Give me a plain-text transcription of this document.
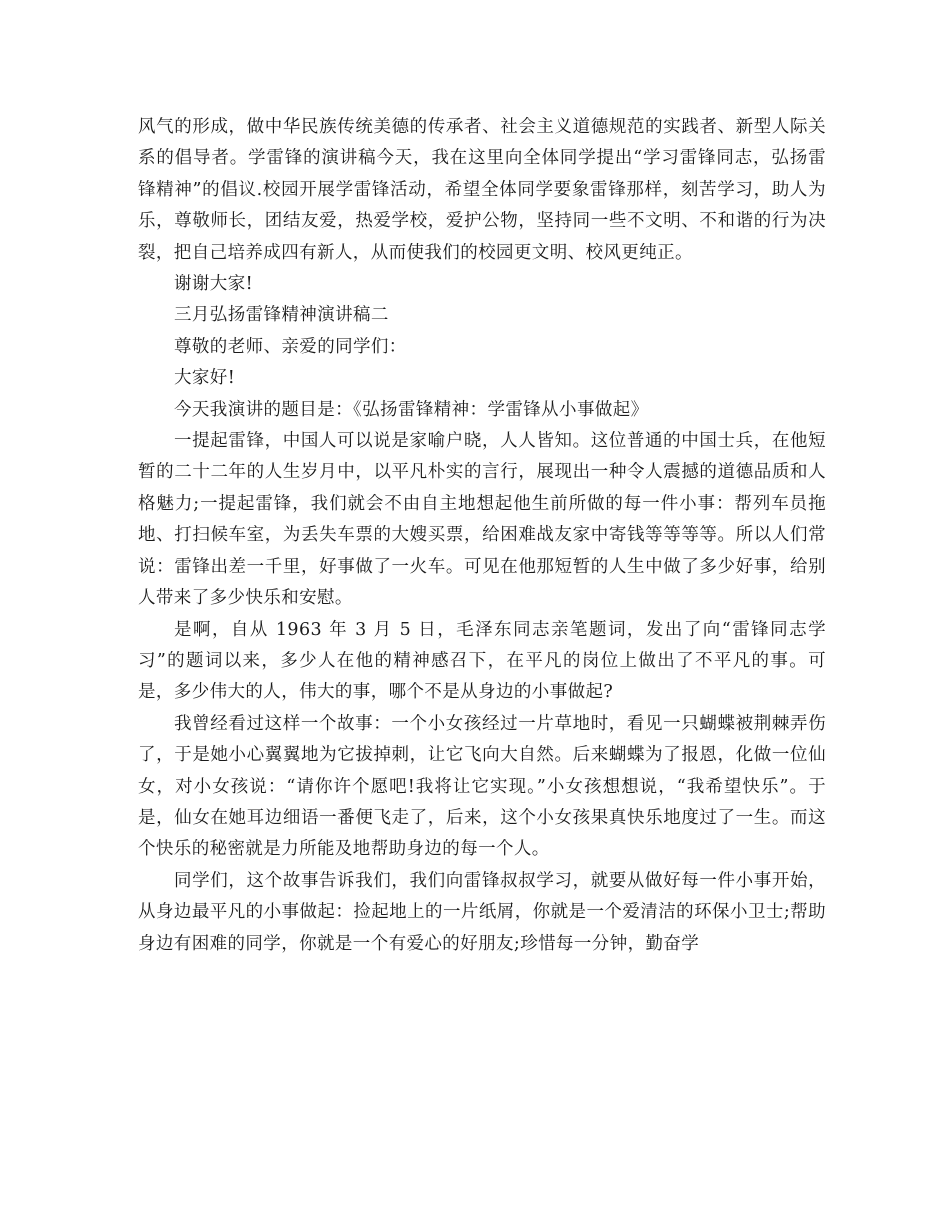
风气的形成，做中华民族传统美德的传承者、社会主义道德规范的实践者、新型人际关系的倡导者。学雷锋的演讲稿今天，我在这里向全体同学提出“学习雷锋同志，弘扬雷锋精神”的倡议.校园开展学雷锋活动，希望全体同学要象雷锋那样，刻苦学习，助人为乐，尊敬师长，团结友爱，热爱学校，爱护公物，坚持同一些不文明、不和谐的行为决裂，把自己培养成四有新人，从而使我们的校园更文明、校风更纯正。

谢谢大家!

三月弘扬雷锋精神演讲稿二

尊敬的老师、亲爱的同学们：

大家好!

今天我演讲的题目是：《弘扬雷锋精神：学雷锋从小事做起》

一提起雷锋，中国人可以说是家喻户晓，人人皆知。这位普通的中国士兵，在他短暂的二十二年的人生岁月中，以平凡朴实的言行，展现出一种令人震撼的道德品质和人格魅力;一提起雷锋，我们就会不由自主地想起他生前所做的每一件小事：帮列车员拖地、打扫候车室，为丢失车票的大嫂买票，给困难战友家中寄钱等等等等。所以人们常说：雷锋出差一千里，好事做了一火车。可见在他那短暂的人生中做了多少好事，给别人带来了多少快乐和安慰。

是啊，自从 1963 年 3 月 5 日，毛泽东同志亲笔题词，发出了向“雷锋同志学习”的题词以来，多少人在他的精神感召下，在平凡的岗位上做出了不平凡的事。可是，多少伟大的人，伟大的事，哪个不是从身边的小事做起?

我曾经看过这样一个故事：一个小女孩经过一片草地时，看见一只蝴蝶被荆棘弄伤了，于是她小心翼翼地为它拔掉刺，让它飞向大自然。后来蝴蝶为了报恩，化做一位仙女，对小女孩说：“请你许个愿吧!我将让它实现。”小女孩想想说，“我希望快乐”。于是，仙女在她耳边细语一番便飞走了，后来，这个小女孩果真快乐地度过了一生。而这个快乐的秘密就是力所能及地帮助身边的每一个人。

同学们，这个故事告诉我们，我们向雷锋叔叔学习，就要从做好每一件小事开始，从身边最平凡的小事做起：捡起地上的一片纸屑，你就是一个爱清洁的环保小卫士;帮助身边有困难的同学，你就是一个有爱心的好朋友;珍惜每一分钟，勤奋学
